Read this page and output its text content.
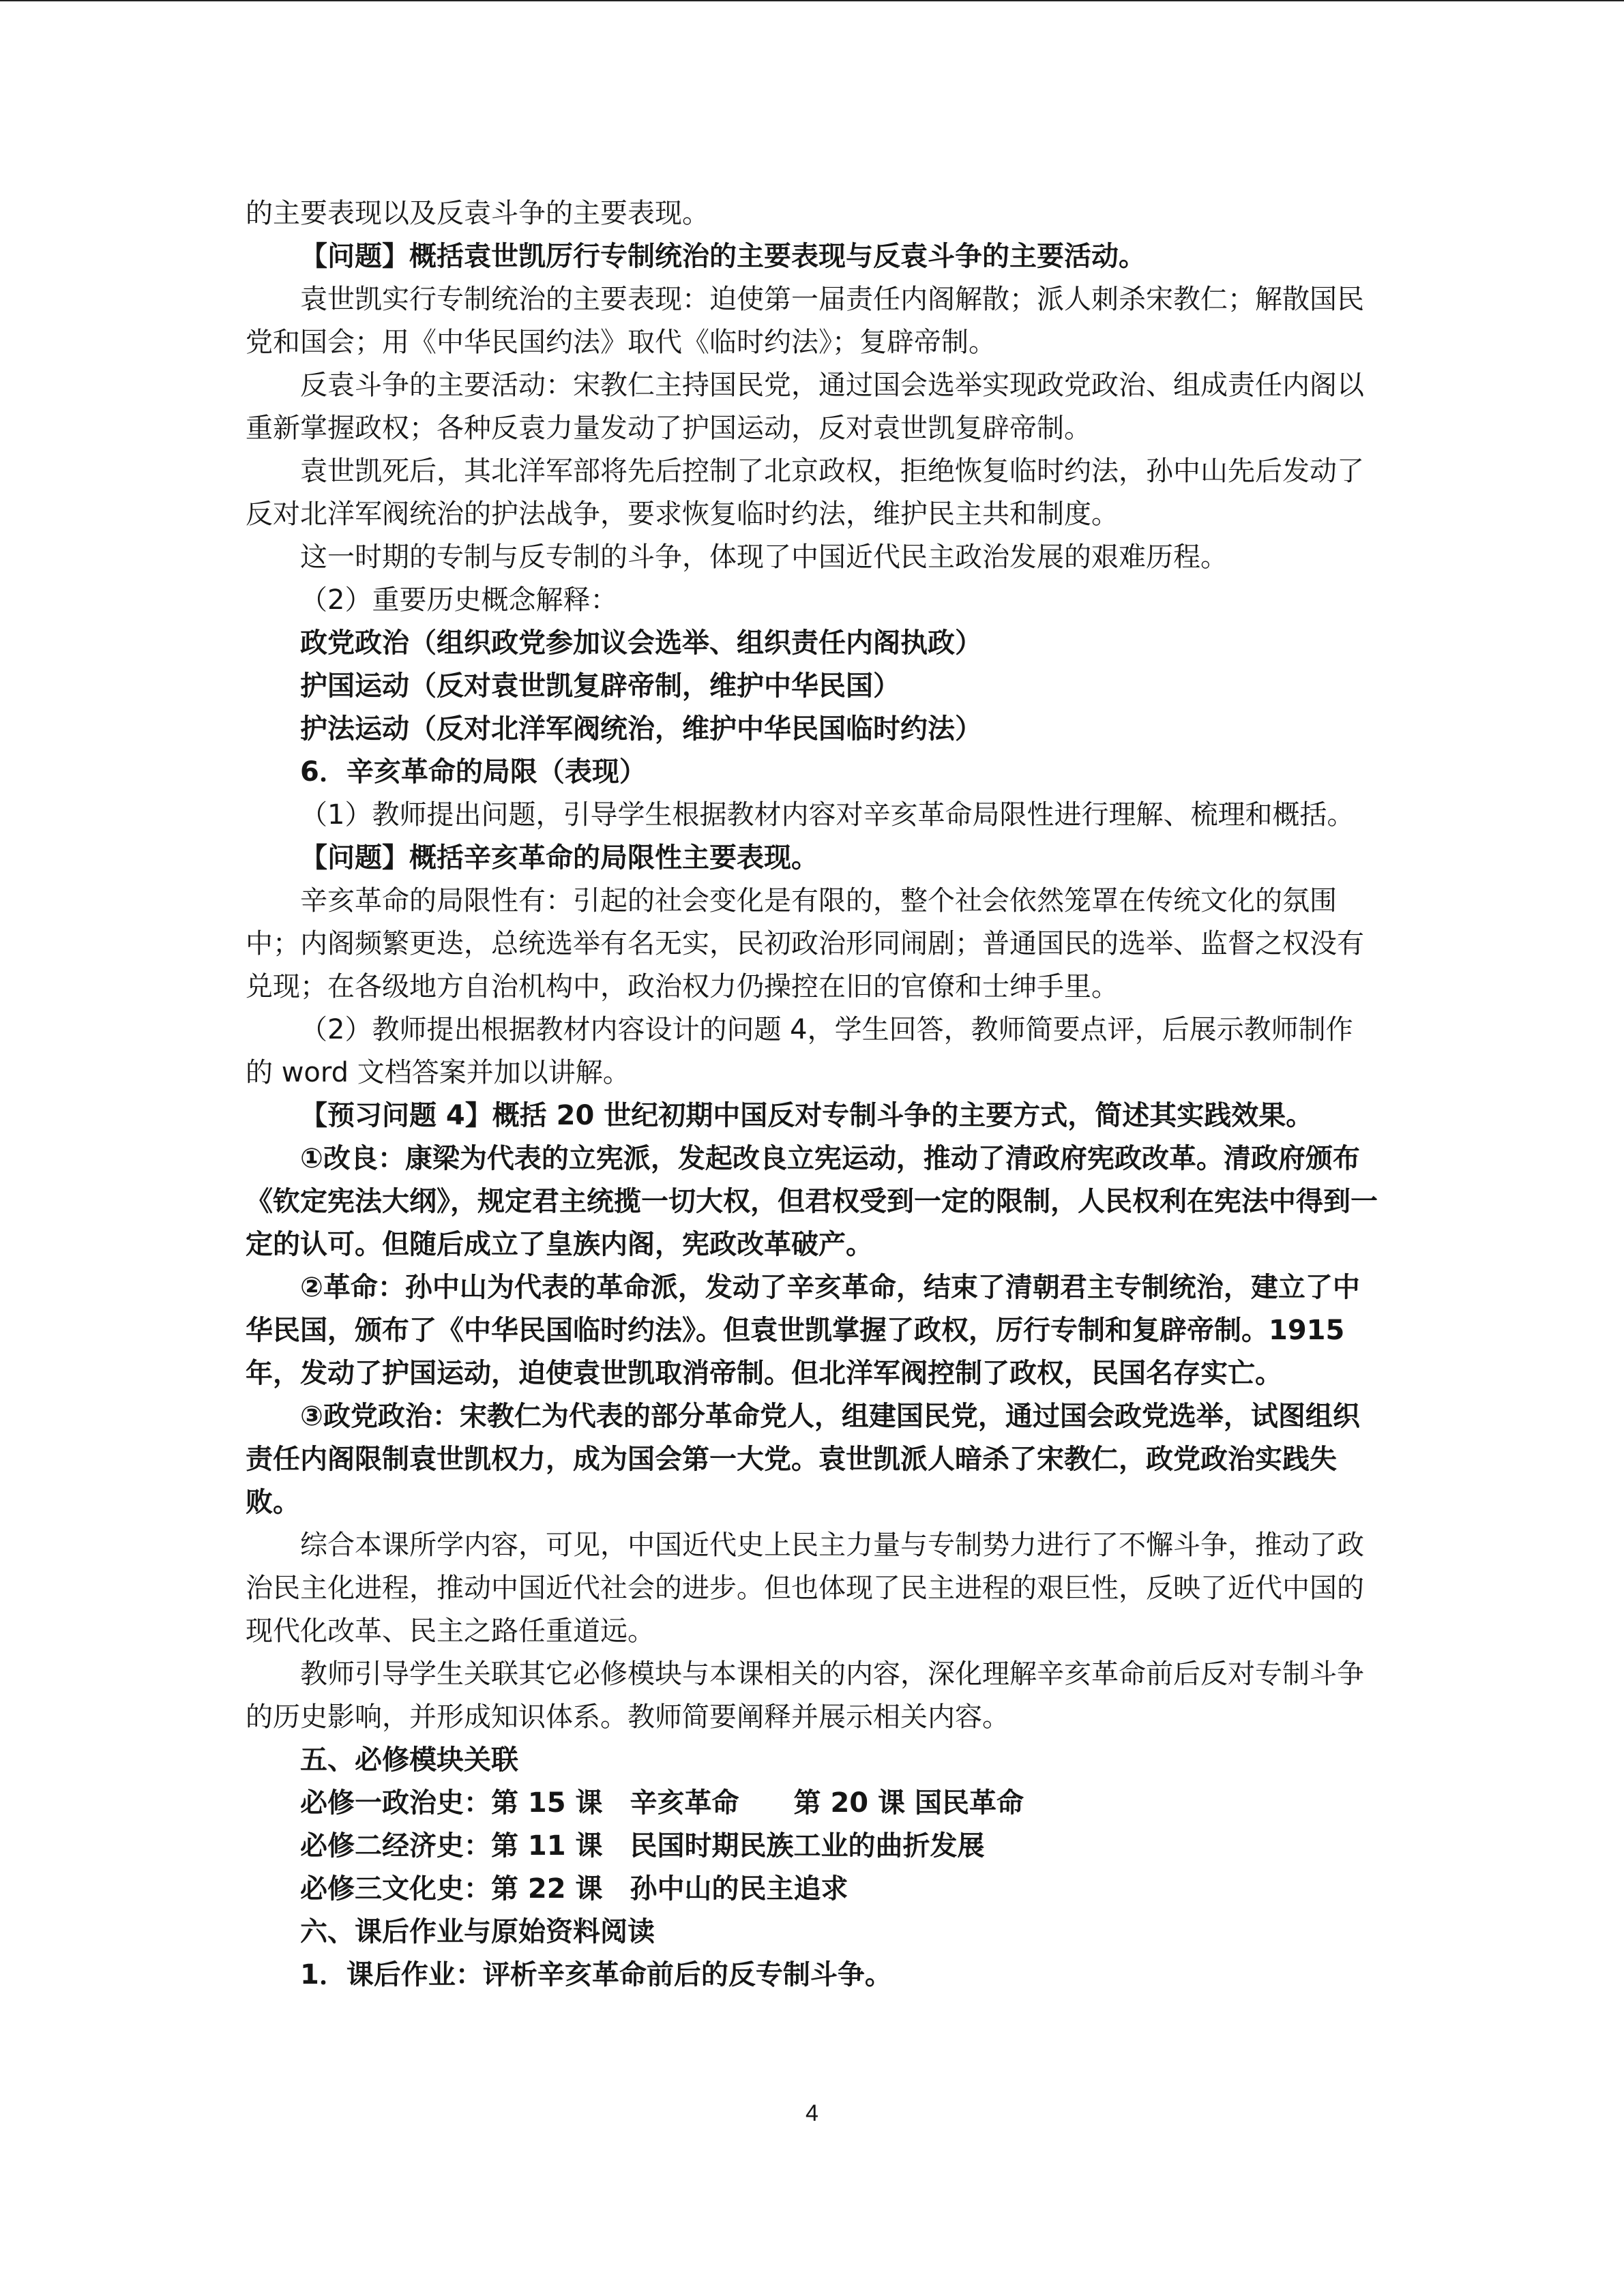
的主要表现以及反袁斗争的主要表现。

【问题】概括袁世凯厉行专制统治的主要表现与反袁斗争的主要活动。

袁世凯实行专制统治的主要表现：迫使第一届责任内阁解散；派人刺杀宋教仁；解散国民党和国会；用《中华民国约法》取代《临时约法》；复辟帝制。

反袁斗争的主要活动：宋教仁主持国民党，通过国会选举实现政党政治、组成责任内阁以重新掌握政权；各种反袁力量发动了护国运动，反对袁世凯复辟帝制。

袁世凯死后，其北洋军部将先后控制了北京政权，拒绝恢复临时约法，孙中山先后发动了反对北洋军阀统治的护法战争，要求恢复临时约法，维护民主共和制度。

这一时期的专制与反专制的斗争，体现了中国近代民主政治发展的艰难历程。

（2）重要历史概念解释：

政党政治（组织政党参加议会选举、组织责任内阁执政）

护国运动（反对袁世凯复辟帝制，维护中华民国）

护法运动（反对北洋军阀统治，维护中华民国临时约法）

6．辛亥革命的局限（表现）

（1）教师提出问题，引导学生根据教材内容对辛亥革命局限性进行理解、梳理和概括。

【问题】概括辛亥革命的局限性主要表现。

辛亥革命的局限性有：引起的社会变化是有限的，整个社会依然笼罩在传统文化的氛围中；内阁频繁更迭，总统选举有名无实，民初政治形同闹剧；普通国民的选举、监督之权没有兑现；在各级地方自治机构中，政治权力仍操控在旧的官僚和士绅手里。

（2）教师提出根据教材内容设计的问题 4，学生回答，教师简要点评，后展示教师制作的 word 文档答案并加以讲解。

【预习问题 4】概括 20 世纪初期中国反对专制斗争的主要方式，简述其实践效果。

①改良：康梁为代表的立宪派，发起改良立宪运动，推动了清政府宪政改革。清政府颁布《钦定宪法大纲》，规定君主统揽一切大权，但君权受到一定的限制，人民权利在宪法中得到一定的认可。但随后成立了皇族内阁，宪政改革破产。

②革命：孙中山为代表的革命派，发动了辛亥革命，结束了清朝君主专制统治，建立了中华民国，颁布了《中华民国临时约法》。但袁世凯掌握了政权，厉行专制和复辟帝制。1915 年，发动了护国运动，迫使袁世凯取消帝制。但北洋军阀控制了政权，民国名存实亡。

③政党政治：宋教仁为代表的部分革命党人，组建国民党，通过国会政党选举，试图组织责任内阁限制袁世凯权力，成为国会第一大党。袁世凯派人暗杀了宋教仁，政党政治实践失败。

综合本课所学内容，可见，中国近代史上民主力量与专制势力进行了不懈斗争，推动了政治民主化进程，推动中国近代社会的进步。但也体现了民主进程的艰巨性，反映了近代中国的现代化改革、民主之路任重道远。

教师引导学生关联其它必修模块与本课相关的内容，深化理解辛亥革命前后反对专制斗争的历史影响，并形成知识体系。教师简要阐释并展示相关内容。

五、必修模块关联

必修一政治史：第 15 课　辛亥革命 第 20 课 国民革命

必修二经济史：第 11 课　民国时期民族工业的曲折发展

必修三文化史：第 22 课　孙中山的民主追求

六、课后作业与原始资料阅读

1．课后作业：评析辛亥革命前后的反专制斗争。

4
